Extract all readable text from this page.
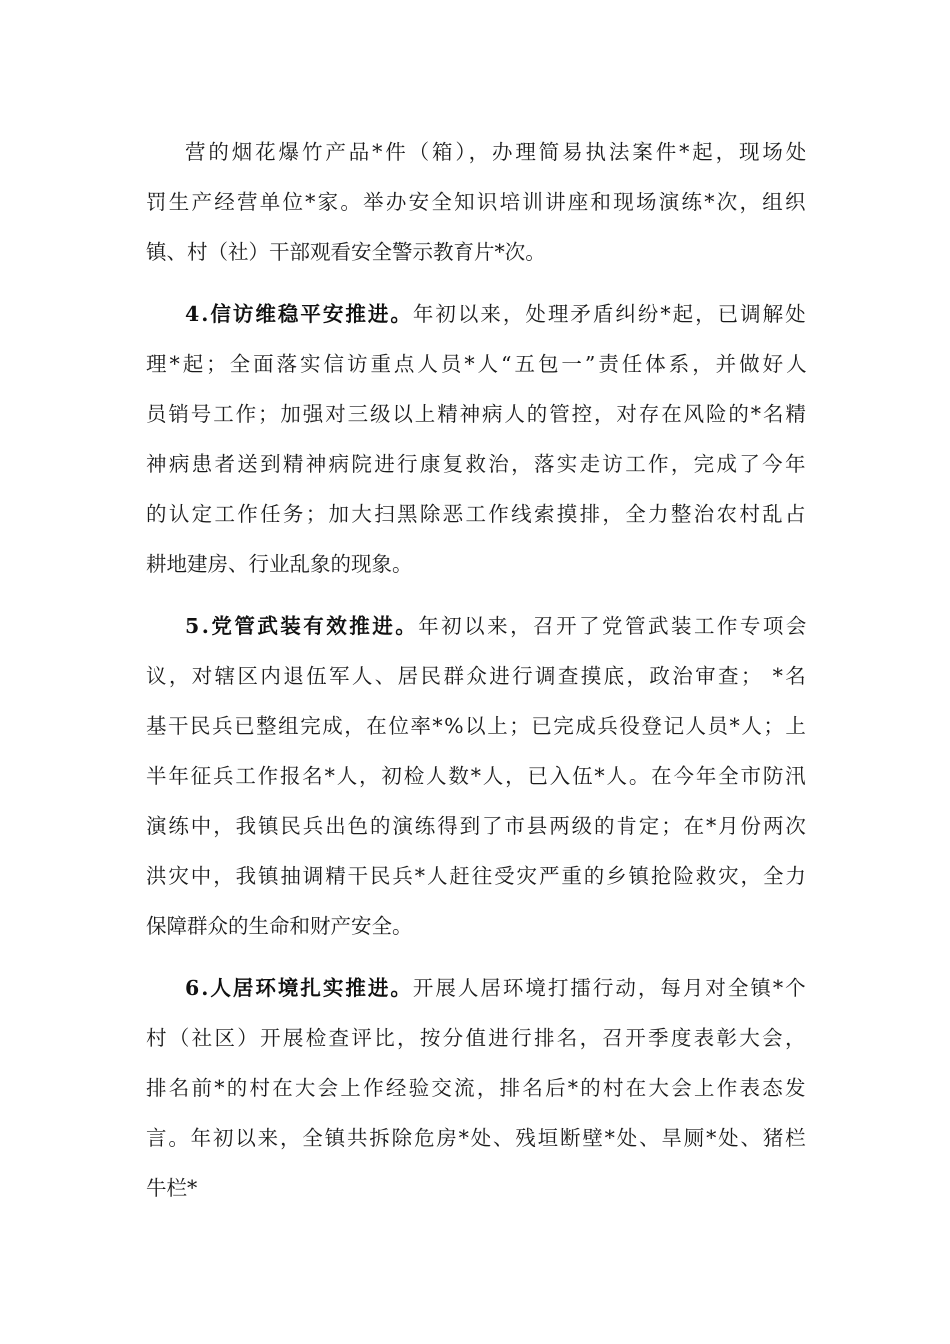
营的烟花爆竹产品*件（箱），办理简易执法案件*起，现场处
罚生产经营单位*家。举办安全知识培训讲座和现场演练*次，组织
镇、村（社）干部观看安全警示教育片*次。
4.信访维稳平安推进。年初以来，处理矛盾纠纷*起，已调解处
理*起；全面落实信访重点人员*人“五包一”责任体系，并做好人
员销号工作；加强对三级以上精神病人的管控，对存在风险的*名精
神病患者送到精神病院进行康复救治，落实走访工作，完成了今年
的认定工作任务；加大扫黑除恶工作线索摸排，全力整治农村乱占
耕地建房、行业乱象的现象。
5.党管武装有效推进。年初以来，召开了党管武装工作专项会
议，对辖区内退伍军人、居民群众进行调查摸底，政治审查； *名
基干民兵已整组完成，在位率*%以上；已完成兵役登记人员*人；上
半年征兵工作报名*人，初检人数*人，已入伍*人。在今年全市防汛
演练中，我镇民兵出色的演练得到了市县两级的肯定；在*月份两次
洪灾中，我镇抽调精干民兵*人赶往受灾严重的乡镇抢险救灾，全力
保障群众的生命和财产安全。
6.人居环境扎实推进。开展人居环境打擂行动，每月对全镇*个
村（社区）开展检查评比，按分值进行排名，召开季度表彰大会，
排名前*的村在大会上作经验交流，排名后*的村在大会上作表态发
言。年初以来，全镇共拆除危房*处、残垣断壁*处、旱厕*处、猪栏
牛栏*
